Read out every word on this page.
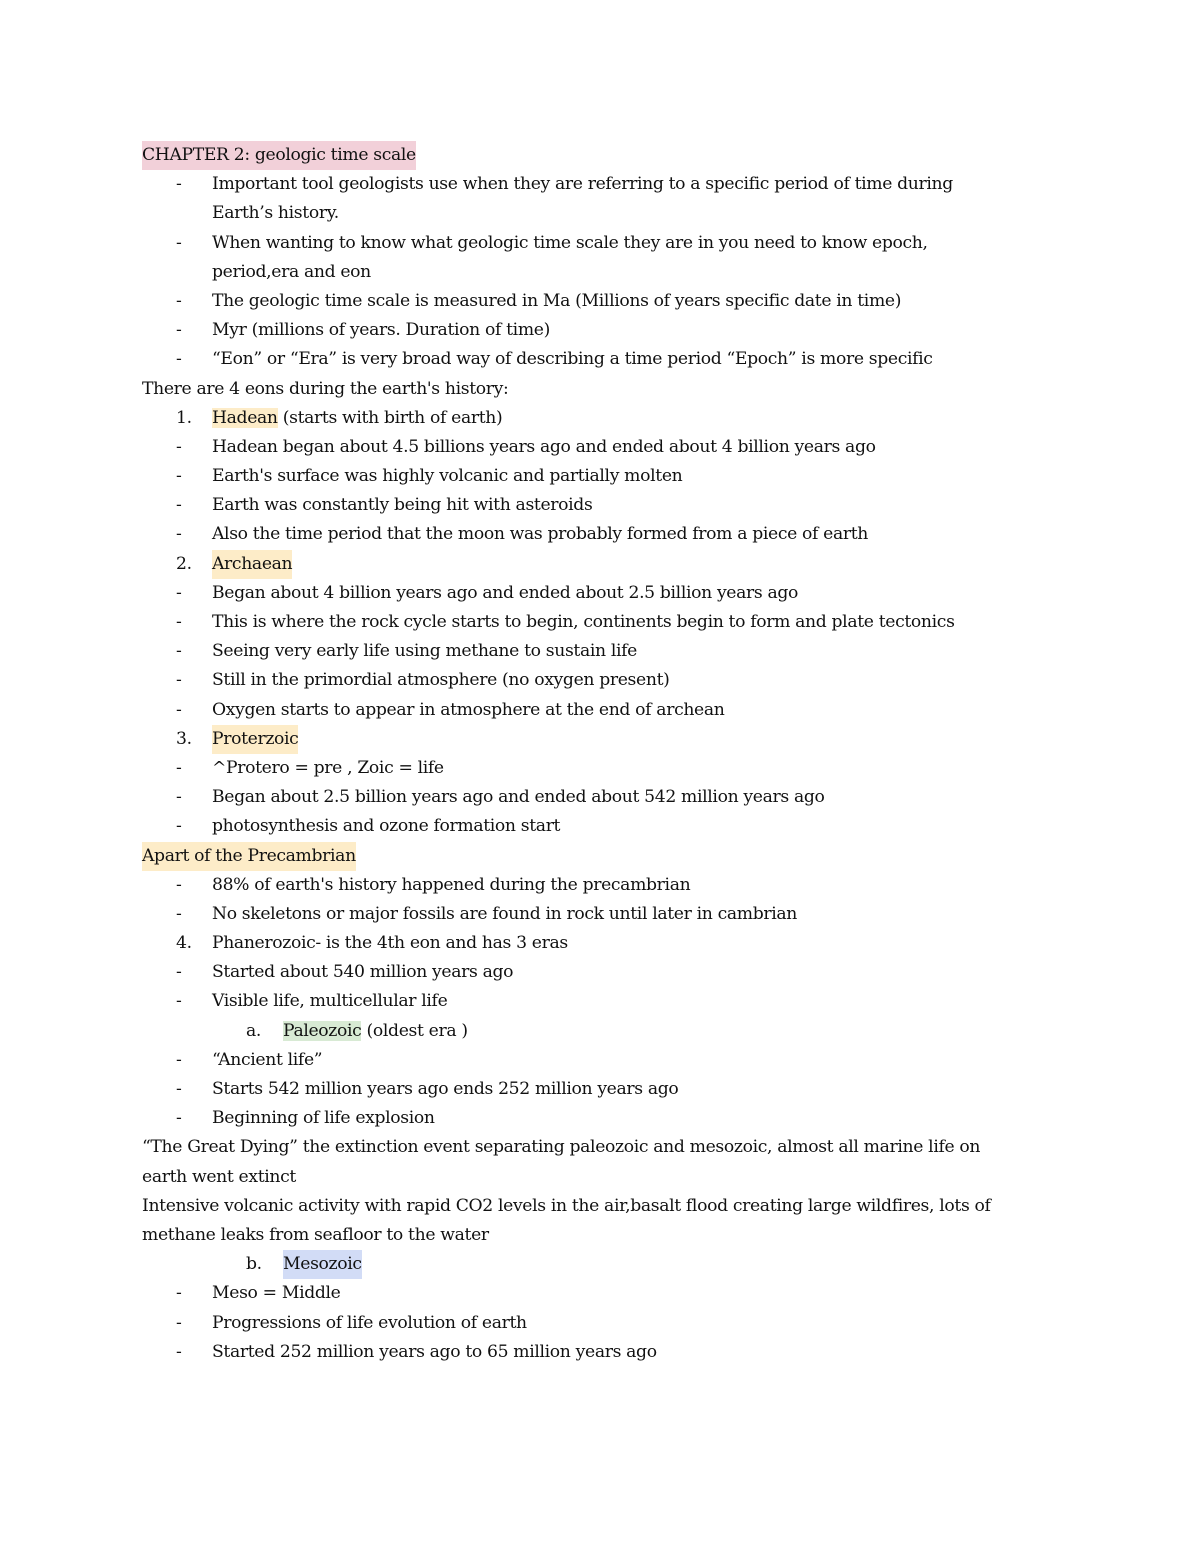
CHAPTER 2: geologic time scale
- Important tool geologists use when they are referring to a specific period of time during
Earth’s history.
- When wanting to know what geologic time scale they are in you need to know epoch,
period,era and eon
- The geologic time scale is measured in Ma (Millions of years specific date in time)
- Myr (millions of years. Duration of time)
- “Eon” or “Era” is very broad way of describing a time period “Epoch” is more specific
There are 4 eons during the earth's history:
1. Hadean (starts with birth of earth)
- Hadean began about 4.5 billions years ago and ended about 4 billion years ago
- Earth's surface was highly volcanic and partially molten
- Earth was constantly being hit with asteroids
- Also the time period that the moon was probably formed from a piece of earth
2. Archaean
- Began about 4 billion years ago and ended about 2.5 billion years ago
- This is where the rock cycle starts to begin, continents begin to form and plate tectonics
- Seeing very early life using methane to sustain life
- Still in the primordial atmosphere (no oxygen present)
- Oxygen starts to appear in atmosphere at the end of archean
3. Proterzoic
- ^Protero = pre , Zoic = life
- Began about 2.5 billion years ago and ended about 542 million years ago
- photosynthesis and ozone formation start
Apart of the Precambrian
- 88% of earth's history happened during the precambrian
- No skeletons or major fossils are found in rock until later in cambrian
4. Phanerozoic- is the 4th eon and has 3 eras
- Started about 540 million years ago
- Visible life, multicellular life
a. Paleozoic (oldest era )
- “Ancient life”
- Starts 542 million years ago ends 252 million years ago
- Beginning of life explosion
“The Great Dying” the extinction event separating paleozoic and mesozoic, almost all marine life on
earth went extinct
Intensive volcanic activity with rapid CO2 levels in the air,basalt flood creating large wildfires, lots of
methane leaks from seafloor to the water
b. Mesozoic
- Meso = Middle
- Progressions of life evolution of earth
- Started 252 million years ago to 65 million years ago
